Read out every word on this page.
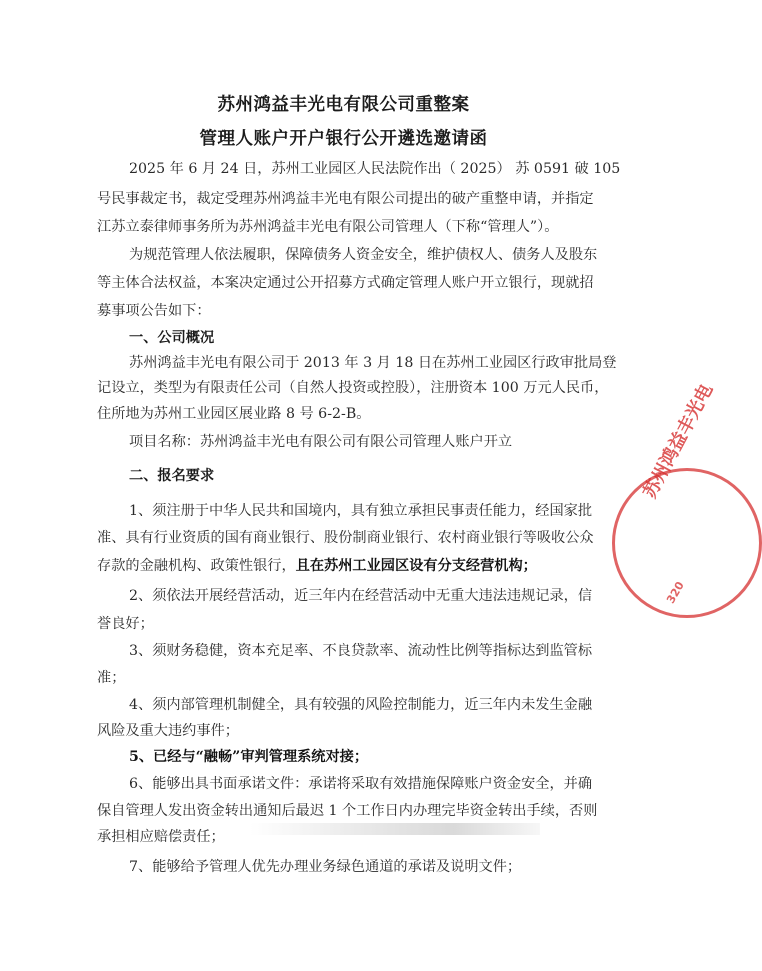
苏州鸿益丰光电有限公司重整案
管理人账户开户银行公开遴选邀请函
2025 年 6 月 24 日，苏州工业园区人民法院作出（ 2025） 苏 0591 破 105
号民事裁定书，裁定受理苏州鸿益丰光电有限公司提出的破产重整申请，并指定
江苏立泰律师事务所为苏州鸿益丰光电有限公司管理人（下称“管理人”）。
为规范管理人依法履职，保障债务人资金安全，维护债权人、债务人及股东
等主体合法权益，本案决定通过公开招募方式确定管理人账户开立银行，现就招
募事项公告如下：
一、公司概况
苏州鸿益丰光电有限公司于 2013 年 3 月 18 日在苏州工业园区行政审批局登
记设立，类型为有限责任公司（自然人投资或控股），注册资本 100 万元人民币，
住所地为苏州工业园区展业路 8 号 6-2-B。
项目名称：苏州鸿益丰光电有限公司有限公司管理人账户开立
二、报名要求
1、须注册于中华人民共和国境内，具有独立承担民事责任能力，经国家批
准、具有行业资质的国有商业银行、股份制商业银行、农村商业银行等吸收公众
存款的金融机构、政策性银行，且在苏州工业园区设有分支经营机构；
2、须依法开展经营活动，近三年内在经营活动中无重大违法违规记录，信
誉良好；
3、须财务稳健，资本充足率、不良贷款率、流动性比例等指标达到监管标
准；
4、须内部管理机制健全，具有较强的风险控制能力，近三年内未发生金融
风险及重大违约事件；
5、已经与“融畅”审判管理系统对接；
6、能够出具书面承诺文件：承诺将采取有效措施保障账户资金安全，并确
保自管理人发出资金转出通知后最迟 1 个工作日内办理完毕资金转出手续，否则
承担相应赔偿责任；
7、能够给予管理人优先办理业务绿色通道的承诺及说明文件；
苏州鸿益丰光电
320
